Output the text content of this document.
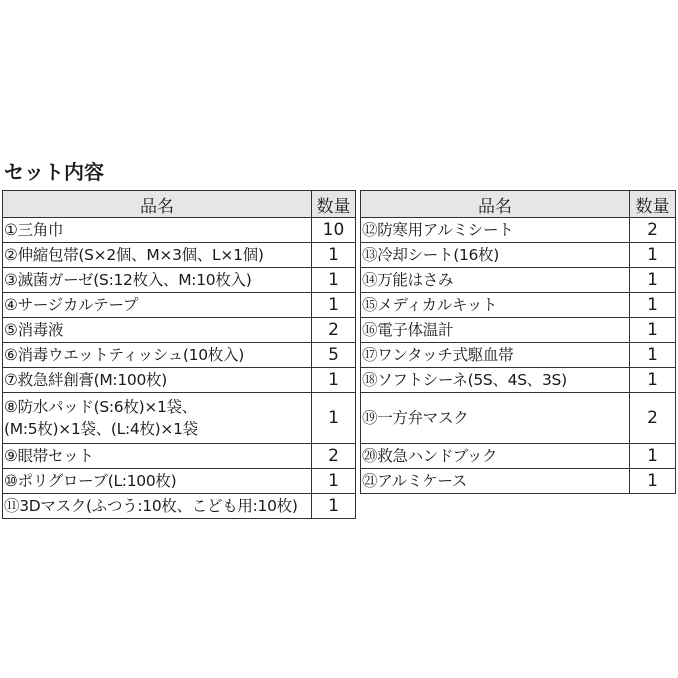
セット内容
品名	数量

①三角巾	10

②伸縮包帯(S×2個、M×3個、L×1個)	1

③滅菌ガーゼ(S:12枚入、M:10枚入)	1

④サージカルテープ	1

⑤消毒液	2

⑥消毒ウエットティッシュ(10枚入)	5

⑦救急絆創膏(M:100枚)	1

⑧防水パッド(S:6枚)×1袋、
(M:5枚)×1袋、(L:4枚)×1袋	1

⑨眼帯セット	2

⑩ポリグローブ(L:100枚)	1

⑪3Dマスク(ふつう:10枚、こども用:10枚)	1
品名	数量

⑫防寒用アルミシート	2

⑬冷却シート(16枚)	1

⑭万能はさみ	1

⑮メディカルキット	1

⑯電子体温計	1

⑰ワンタッチ式駆血帯	1

⑱ソフトシーネ(5S、4S、3S)	1

⑲一方弁マスク	2

⑳救急ハンドブック	1

㉑アルミケース	1
